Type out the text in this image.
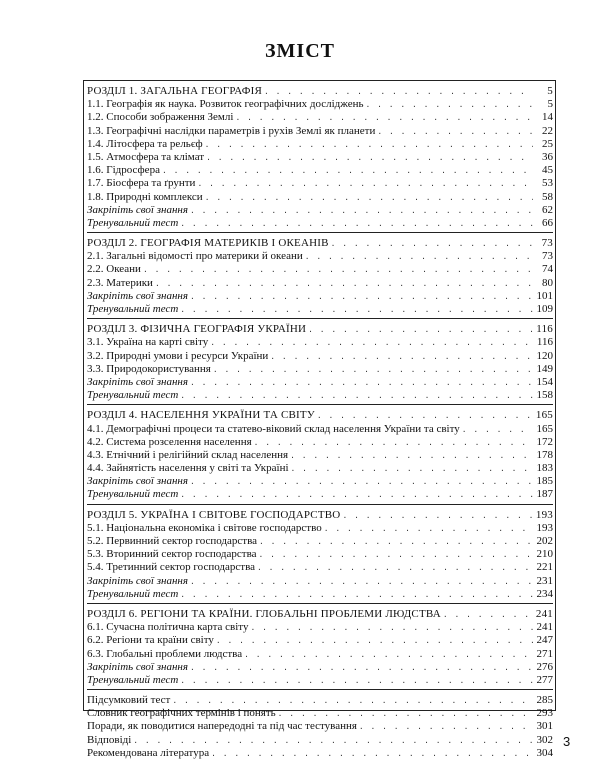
ЗМІСТ
РОЗДІЛ 1. ЗАГАЛЬНА ГЕОГРАФІЯ . . .	5
1.1. Географія як наука. Розвиток географічних досліджень . . .	5
1.2. Способи зображення Землі . . .	14
1.3. Географічні наслідки параметрів і рухів Землі як планети . . .	22
1.4. Літосфера та рельєф . . .	25
1.5. Атмосфера та клімат . . .	36
1.6. Гідросфера . . .	45
1.7. Біосфера та ґрунти . . .	53
1.8. Природні комплекси . . .	58
Закріпіть свої знання . . .	62
Тренувальний тест . . .	66
РОЗДІЛ 2. ГЕОГРАФІЯ МАТЕРИКІВ І ОКЕАНІВ . . .	73
2.1. Загальні відомості про материки й океани . . .	73
2.2. Океани . . .	74
2.3. Материки . . .	80
Закріпіть свої знання . . .	101
Тренувальний тест . . .	109
РОЗДІЛ 3. ФІЗИЧНА ГЕОГРАФІЯ УКРАЇНИ . . .	116
3.1. Україна на карті світу . . .	116
3.2. Природні умови і ресурси України . . .	120
3.3. Природокористування . . .	149
Закріпіть свої знання . . .	154
Тренувальний тест . . .	158
РОЗДІЛ 4. НАСЕЛЕННЯ УКРАЇНИ ТА СВІТУ . . .	165
4.1. Демографічні процеси та статево-віковий склад населення України та світу . . .	165
4.2. Система розселення населення . . .	172
4.3. Етнічний і релігійний склад населення . . .	178
4.4. Зайнятість населення у світі та Україні . . .	183
Закріпіть свої знання . . .	185
Тренувальний тест . . .	187
РОЗДІЛ 5. УКРАЇНА І СВІТОВЕ ГОСПОДАРСТВО . . .	193
5.1. Національна економіка і світове господарство . . .	193
5.2. Первинний сектор господарства . . .	202
5.3. Вторинний сектор господарства . . .	210
5.4. Третинний сектор господарства . . .	221
Закріпіть свої знання . . .	231
Тренувальний тест . . .	234
РОЗДІЛ 6. РЕГІОНИ ТА КРАЇНИ. ГЛОБАЛЬНІ ПРОБЛЕМИ ЛЮДСТВА . . .	241
6.1. Сучасна політична карта світу . . .	241
6.2. Регіони та країни світу . . .	247
6.3. Глобальні проблеми людства . . .	271
Закріпіть свої знання . . .	276
Тренувальний тест . . .	277
Підсумковий тест . . .	285
Словник географічних термінів і понять . . .	293
Поради, як поводитися напередодні та під час тестування . . .	301
Відповіді . . .	302
Рекомендована література . . .	304
3
